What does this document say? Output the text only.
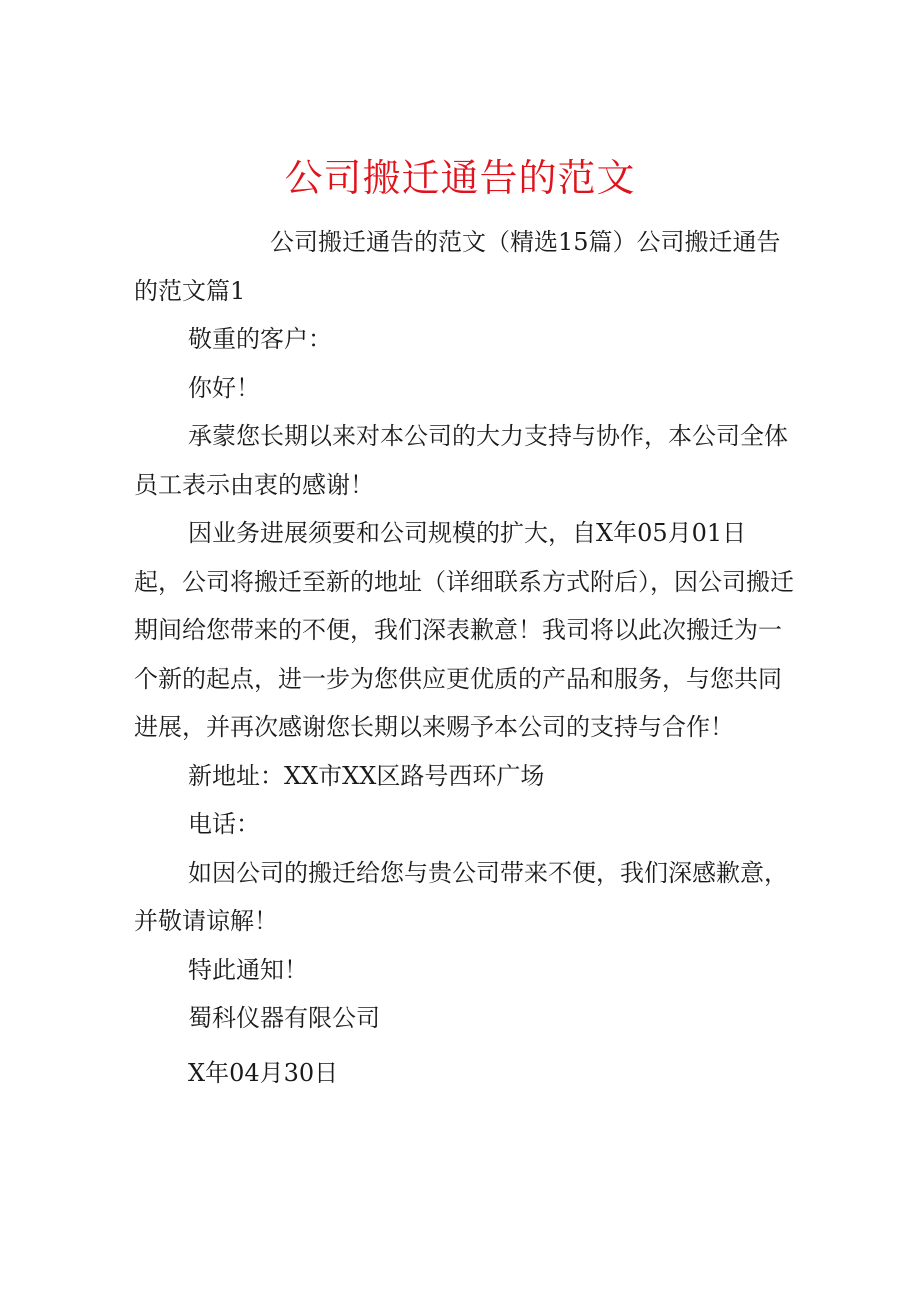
公司搬迁通告的范文

公司搬迁通告的范文（精选15篇）公司搬迁通告的范文篇1

敬重的客户：

你好！

承蒙您长期以来对本公司的大力支持与协作，本公司全体员工表示由衷的感谢！

因业务进展须要和公司规模的扩大，自X年05月01日起，公司将搬迁至新的地址（详细联系方式附后），因公司搬迁期间给您带来的不便，我们深表歉意！我司将以此次搬迁为一个新的起点，进一步为您供应更优质的产品和服务，与您共同进展，并再次感谢您长期以来赐予本公司的支持与合作！

新地址：XX市XX区路号西环广场

电话：

如因公司的搬迁给您与贵公司带来不便，我们深感歉意，并敬请谅解！

特此通知！

蜀科仪器有限公司

X年04月30日
